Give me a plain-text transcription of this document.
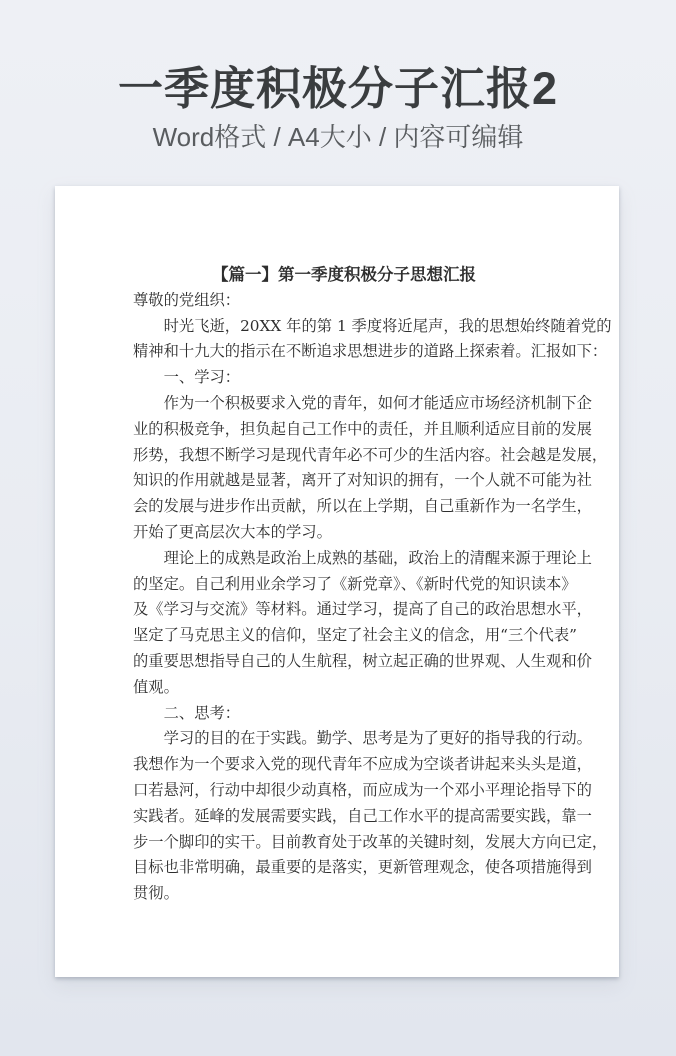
一季度积极分子汇报2

Word格式 / A4大小 / 内容可编辑

【篇一】第一季度积极分子思想汇报
尊敬的党组织：
　　时光飞逝，20XX 年的第 1 季度将近尾声，我的思想始终随着党的
精神和十九大的指示在不断追求思想进步的道路上探索着。汇报如下：
　　一、学习：
　　作为一个积极要求入党的青年，如何才能适应市场经济机制下企
业的积极竞争，担负起自己工作中的责任，并且顺利适应目前的发展
形势，我想不断学习是现代青年必不可少的生活内容。社会越是发展，
知识的作用就越是显著，离开了对知识的拥有，一个人就不可能为社
会的发展与进步作出贡献，所以在上学期，自己重新作为一名学生，
开始了更高层次大本的学习。
　　理论上的成熟是政治上成熟的基础，政治上的清醒来源于理论上
的坚定。自己利用业余学习了《新党章》、《新时代党的知识读本》
及《学习与交流》等材料。通过学习，提高了自己的政治思想水平，
坚定了马克思主义的信仰，坚定了社会主义的信念，用“三个代表”
的重要思想指导自己的人生航程，树立起正确的世界观、人生观和价
值观。
　　二、思考：
　　学习的目的在于实践。勤学、思考是为了更好的指导我的行动。
我想作为一个要求入党的现代青年不应成为空谈者讲起来头头是道，
口若悬河，行动中却很少动真格，而应成为一个邓小平理论指导下的
实践者。延峰的发展需要实践，自己工作水平的提高需要实践，靠一
步一个脚印的实干。目前教育处于改革的关键时刻，发展大方向已定，
目标也非常明确，最重要的是落实，更新管理观念，使各项措施得到
贯彻。
